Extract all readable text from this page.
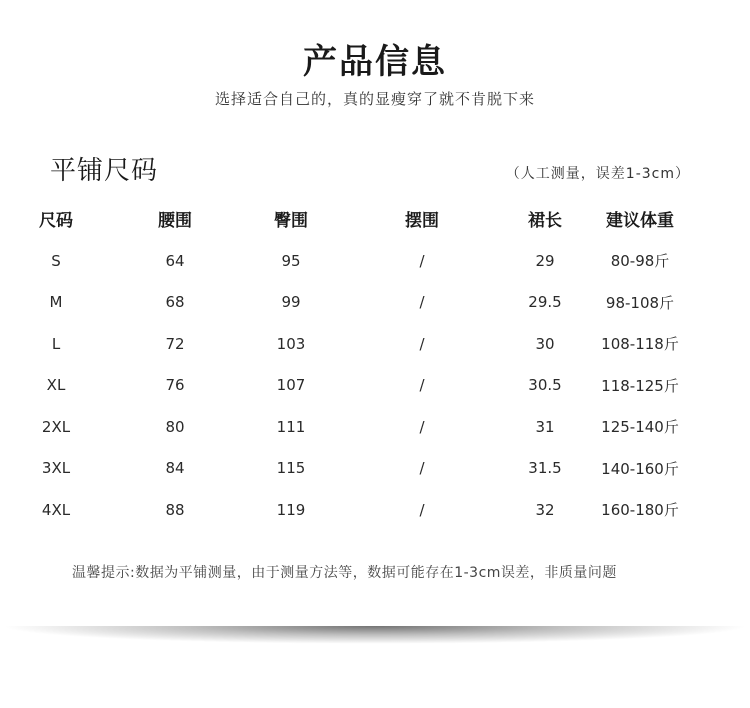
产品信息
选择适合自己的，真的显瘦穿了就不肯脱下来
平铺尺码	（人工测量，误差1-3cm）
尺码	腰围	臀围	摆围	裙长	建议体重
S	64	95	/	29	80-98斤
M	68	99	/	29.5	98-108斤
L	72	103	/	30	108-118斤
XL	76	107	/	30.5	118-125斤
2XL	80	111	/	31	125-140斤
3XL	84	115	/	31.5	140-160斤
4XL	88	119	/	32	160-180斤
温馨提示:数据为平铺测量，由于测量方法等，数据可能存在1-3cm误差，非质量问题
